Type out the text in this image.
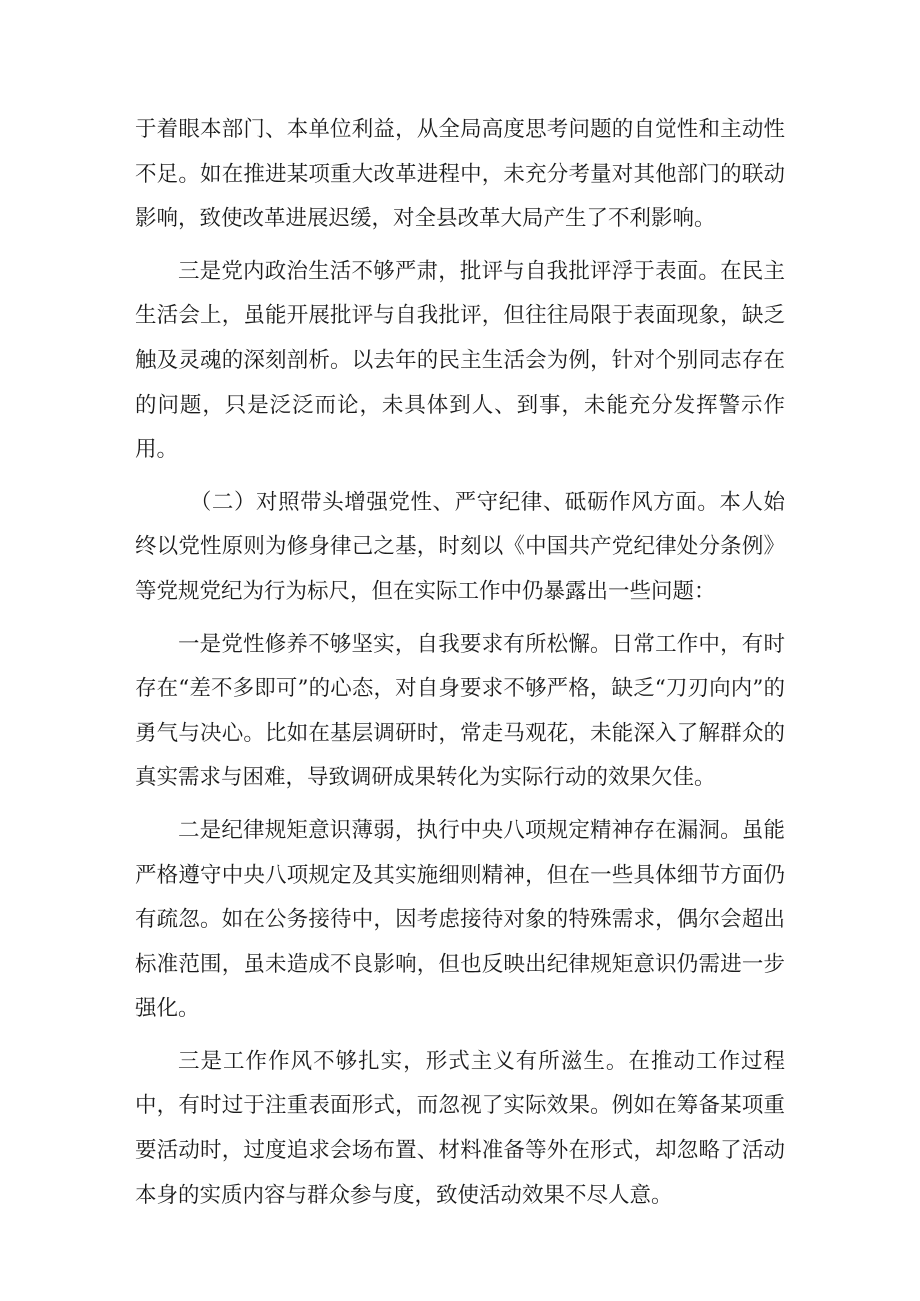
于着眼本部门、本单位利益，从全局高度思考问题的自觉性和主动性不足。如在推进某项重大改革进程中，未充分考量对其他部门的联动影响，致使改革进展迟缓，对全县改革大局产生了不利影响。

三是党内政治生活不够严肃，批评与自我批评浮于表面。在民主生活会上，虽能开展批评与自我批评，但往往局限于表面现象，缺乏触及灵魂的深刻剖析。以去年的民主生活会为例，针对个别同志存在的问题，只是泛泛而论，未具体到人、到事，未能充分发挥警示作用。

（二）对照带头增强党性、严守纪律、砥砺作风方面。本人始终以党性原则为修身律己之基，时刻以《中国共产党纪律处分条例》等党规党纪为行为标尺，但在实际工作中仍暴露出一些问题：

一是党性修养不够坚实，自我要求有所松懈。日常工作中，有时存在“差不多即可”的心态，对自身要求不够严格，缺乏“刀刃向内”的勇气与决心。比如在基层调研时，常走马观花，未能深入了解群众的真实需求与困难，导致调研成果转化为实际行动的效果欠佳。

二是纪律规矩意识薄弱，执行中央八项规定精神存在漏洞。虽能严格遵守中央八项规定及其实施细则精神，但在一些具体细节方面仍有疏忽。如在公务接待中，因考虑接待对象的特殊需求，偶尔会超出标准范围，虽未造成不良影响，但也反映出纪律规矩意识仍需进一步强化。

三是工作作风不够扎实，形式主义有所滋生。在推动工作过程中，有时过于注重表面形式，而忽视了实际效果。例如在筹备某项重要活动时，过度追求会场布置、材料准备等外在形式，却忽略了活动本身的实质内容与群众参与度，致使活动效果不尽人意。
